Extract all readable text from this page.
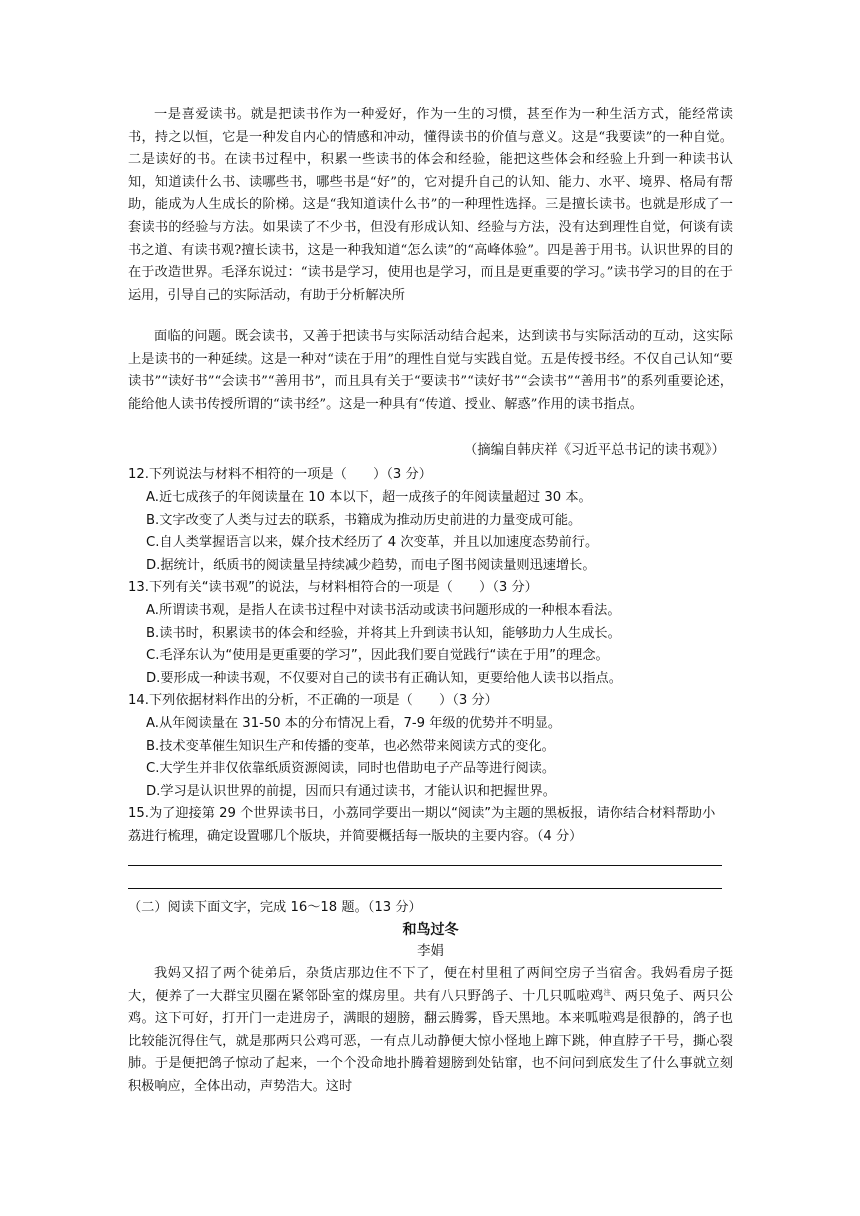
一是喜爱读书。就是把读书作为一种爱好，作为一生的习惯，甚至作为一种生活方式，能经常读书，持之以恒，它是一种发自内心的情感和冲动，懂得读书的价值与意义。这是“我要读”的一种自觉。二是读好的书。在读书过程中，积累一些读书的体会和经验，能把这些体会和经验上升到一种读书认知，知道读什么书、读哪些书，哪些书是“好”的，它对提升自己的认知、能力、水平、境界、格局有帮助，能成为人生成长的阶梯。这是“我知道读什么书”的一种理性选择。三是擅长读书。也就是形成了一套读书的经验与方法。如果读了不少书，但没有形成认知、经验与方法，没有达到理性自觉，何谈有读书之道、有读书观?擅长读书，这是一种我知道“怎么读”的“高峰体验”。四是善于用书。认识世界的目的在于改造世界。毛泽东说过：“读书是学习，使用也是学习，而且是更重要的学习。”读书学习的目的在于运用，引导自己的实际活动，有助于分析解决所

面临的问题。既会读书，又善于把读书与实际活动结合起来，达到读书与实际活动的互动，这实际上是读书的一种延续。这是一种对“读在于用”的理性自觉与实践自觉。五是传授书经。不仅自己认知“要读书”“读好书”“会读书”“善用书”，而且具有关于“要读书”“读好书”“会读书”“善用书”的系列重要论述，能给他人读书传授所谓的“读书经”。这是一种具有“传道、授业、解惑”作用的读书指点。

（摘编自韩庆祥《习近平总书记的读书观》）

12.下列说法与材料不相符的一项是（　　）（3 分）

A.近七成孩子的年阅读量在 10 本以下，超一成孩子的年阅读量超过 30 本。

B.文字改变了人类与过去的联系，书籍成为推动历史前进的力量变成可能。

C.自人类掌握语言以来，媒介技术经历了 4 次变革，并且以加速度态势前行。

D.据统计，纸质书的阅读量呈持续减少趋势，而电子图书阅读量则迅速增长。

13.下列有关“读书观”的说法，与材料相符合的一项是（　　）（3 分）

A.所谓读书观，是指人在读书过程中对读书活动或读书问题形成的一种根本看法。

B.读书时，积累读书的体会和经验，并将其上升到读书认知，能够助力人生成长。

C.毛泽东认为“使用是更重要的学习”，因此我们要自觉践行“读在于用”的理念。

D.要形成一种读书观，不仅要对自己的读书有正确认知，更要给他人读书以指点。

14.下列依据材料作出的分析，不正确的一项是（　　）（3 分）

A.从年阅读量在 31-50 本的分布情况上看，7-9 年级的优势并不明显。

B.技术变革催生知识生产和传播的变革，也必然带来阅读方式的变化。

C.大学生并非仅依靠纸质资源阅读，同时也借助电子产品等进行阅读。

D.学习是认识世界的前提，因而只有通过读书，才能认识和把握世界。

15.为了迎接第 29 个世界读书日，小荔同学要出一期以“阅读”为主题的黑板报，请你结合材料帮助小荔进行梳理，确定设置哪几个版块，并简要概括每一版块的主要内容。（4 分）

（二）阅读下面文字，完成 16～18 题。（13 分）

和鸟过冬

李娟

我妈又招了两个徒弟后，杂货店那边住不下了，便在村里租了两间空房子当宿舍。我妈看房子挺大，便养了一大群宝贝圈在紧邻卧室的煤房里。共有八只野鸽子、十几只呱啦鸡$^注$、两只兔子、两只公鸡。这下可好，打开门一走进房子，满眼的翅膀，翻云腾雾，昏天黑地。本来呱啦鸡是很静的，鸽子也比较能沉得住气，就是那两只公鸡可恶，一有点儿动静便大惊小怪地上蹿下跳，伸直脖子干号，撕心裂肺。于是便把鸽子惊动了起来，一个个没命地扑腾着翅膀到处钻窜，也不问问到底发生了什么事就立刻积极响应，全体出动，声势浩大。这时
